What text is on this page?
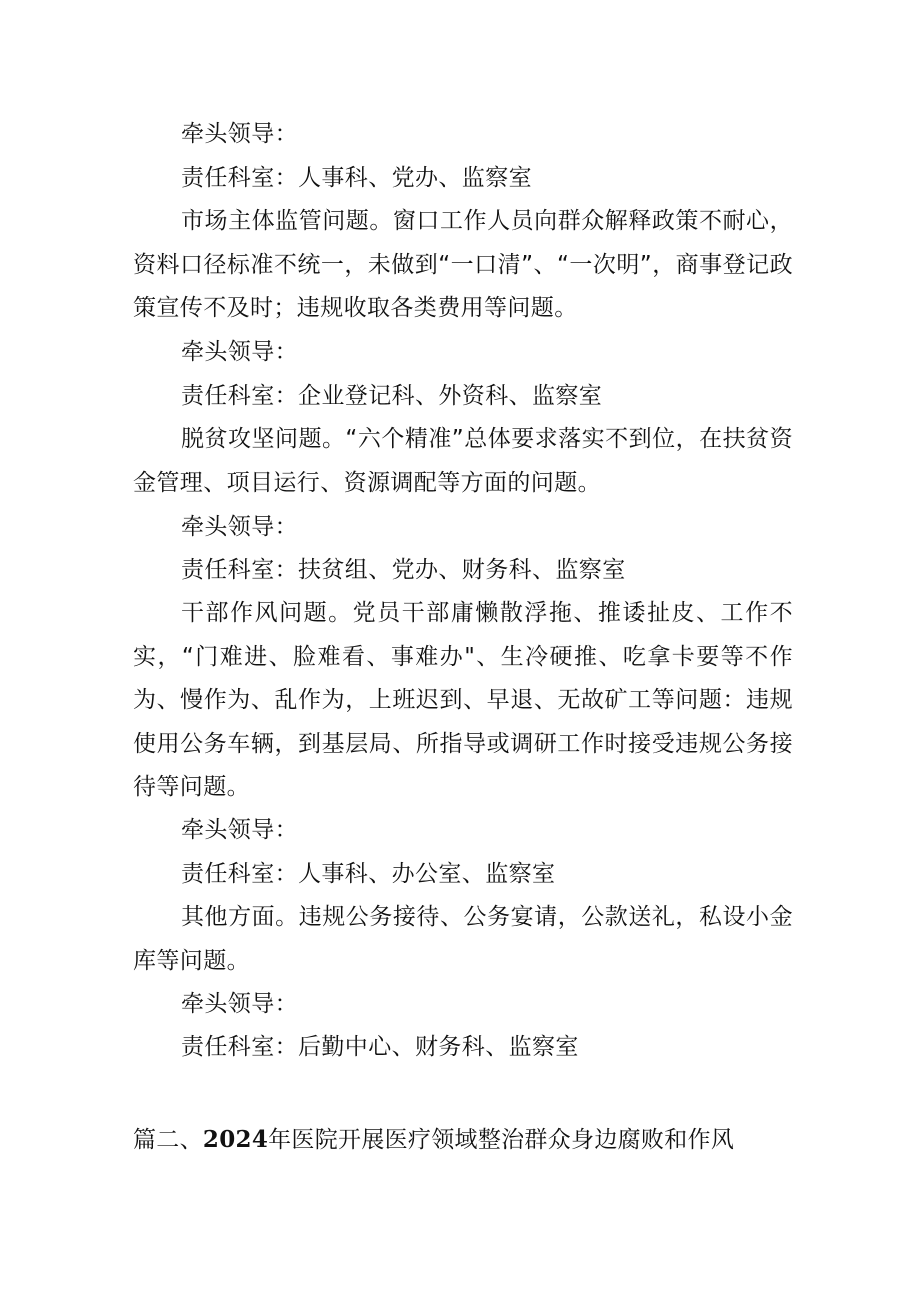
牵头领导：

责任科室：人事科、党办、监察室

市场主体监管问题。窗口工作人员向群众解释政策不耐心，资料口径标准不统一，未做到“一口清”、“一次明”，商事登记政策宣传不及时；违规收取各类费用等问题。

牵头领导：

责任科室：企业登记科、外资科、监察室

脱贫攻坚问题。“六个精准”总体要求落实不到位，在扶贫资金管理、项目运行、资源调配等方面的问题。

牵头领导：

责任科室：扶贫组、党办、财务科、监察室

干部作风问题。党员干部庸懒散浮拖、推诿扯皮、工作不实，“门难进、脸难看、事难办"、生冷硬推、吃拿卡要等不作为、慢作为、乱作为，上班迟到、早退、无故矿工等问题：违规使用公务车辆，到基层局、所指导或调研工作时接受违规公务接待等问题。

牵头领导：

责任科室：人事科、办公室、监察室

其他方面。违规公务接待、公务宴请，公款送礼，私设小金库等问题。

牵头领导：

责任科室：后勤中心、财务科、监察室

篇二、2024年医院开展医疗领域整治群众身边腐败和作风
